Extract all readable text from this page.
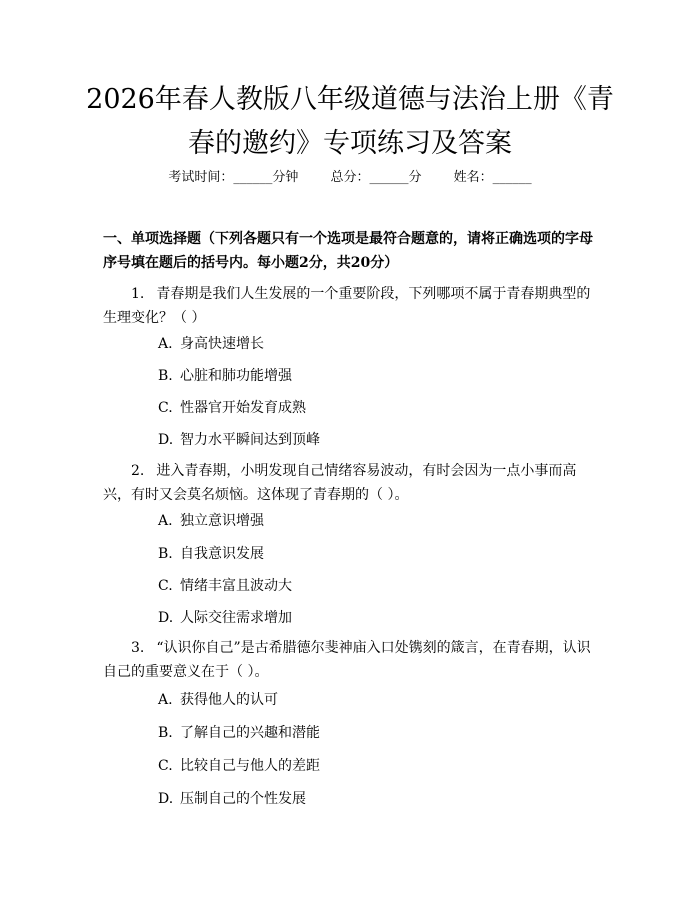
2026年春人教版八年级道德与法治上册《青
春的邀约》专项练习及答案
考试时间：______分钟 总分：______分 姓名：______
一、单项选择题（下列各题只有一个选项是最符合题意的，请将正确选项的字母
序号填在题后的括号内。每小题2分，共20分）
1. 青春期是我们人生发展的一个重要阶段，下列哪项不属于青春期典型的生理变化？（ ）
A. 身高快速增长
B. 心脏和肺功能增强
C. 性器官开始发育成熟
D. 智力水平瞬间达到顶峰
2. 进入青春期，小明发现自己情绪容易波动，有时会因为一点小事而高兴，有时又会莫名烦恼。这体现了青春期的（ ）。
A. 独立意识增强
B. 自我意识发展
C. 情绪丰富且波动大
D. 人际交往需求增加
3. “认识你自己”是古希腊德尔斐神庙入口处镌刻的箴言，在青春期，认识自己的重要意义在于（ ）。
A. 获得他人的认可
B. 了解自己的兴趣和潜能
C. 比较自己与他人的差距
D. 压制自己的个性发展
